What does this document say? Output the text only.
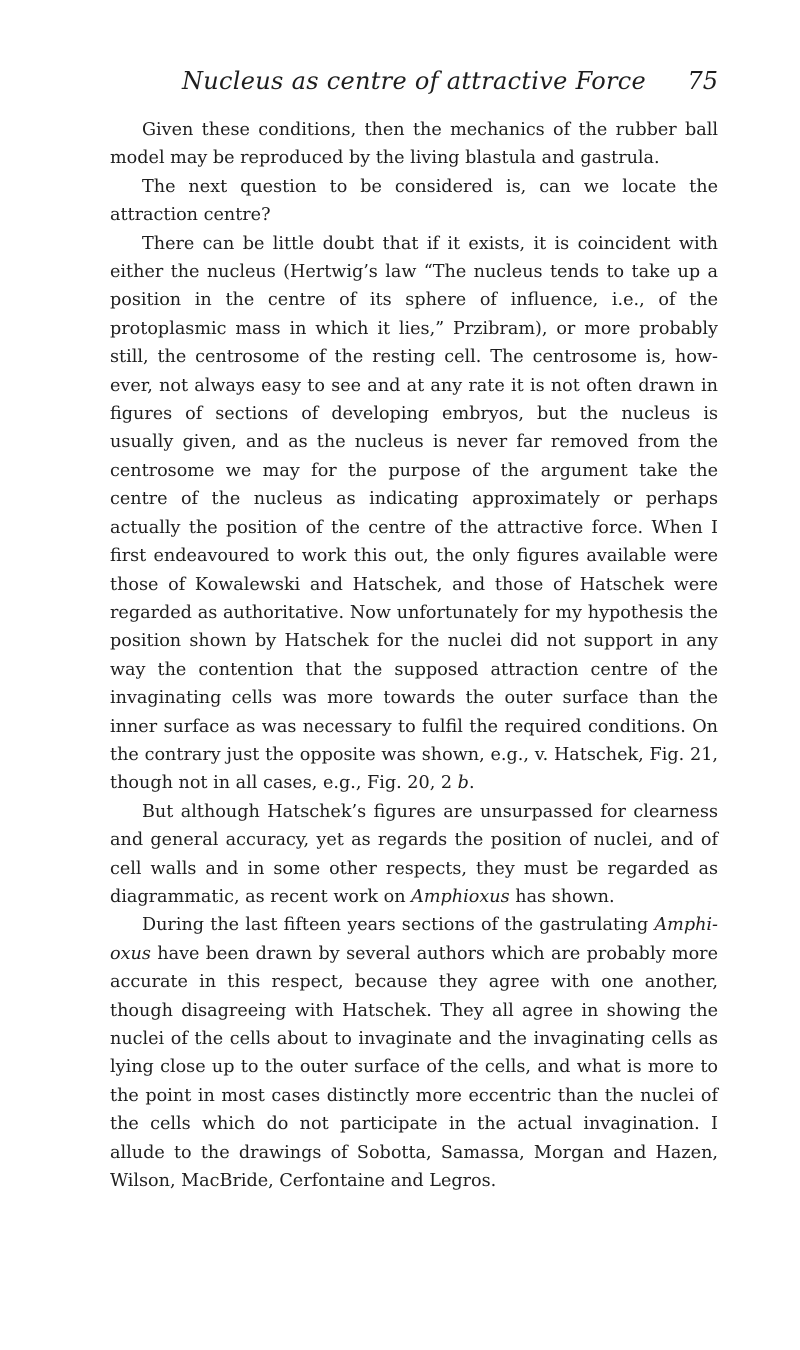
Nucleus as centre of attractive Force	75

Given these conditions, then the mechanics of the rubber ball model may be reproduced by the living blastula and gastrula.

The next question to be considered is, can we locate the attraction centre?

There can be little doubt that if it exists, it is coincident with either the nucleus (Hertwig’s law “The nucleus tends to take up a position in the centre of its sphere of influence, i.e., of the protoplasmic mass in which it lies,” Przibram), or more probably still, the centrosome of the resting cell. The centrosome is, however, not always easy to see and at any rate it is not often drawn in figures of sections of developing embryos, but the nucleus is usually given, and as the nucleus is never far removed from the centrosome we may for the purpose of the argument take the centre of the nucleus as indicating approximately or perhaps actually the position of the centre of the attractive force. When I first endeavoured to work this out, the only figures available were those of Kowalewski and Hatschek, and those of Hatschek were regarded as authoritative. Now unfortunately for my hypothesis the position shown by Hatschek for the nuclei did not support in any way the contention that the supposed attraction centre of the invaginating cells was more towards the outer surface than the inner surface as was necessary to fulfil the required conditions. On the contrary just the opposite was shown, e.g., v. Hatschek, Fig. 21, though not in all cases, e.g., Fig. 20, 2 b.

But although Hatschek’s figures are unsurpassed for clearness and general accuracy, yet as regards the position of nuclei, and of cell walls and in some other respects, they must be regarded as diagrammatic, as recent work on Amphioxus has shown.

During the last fifteen years sections of the gastrulating Amphioxus have been drawn by several authors which are probably more accurate in this respect, because they agree with one another, though disagreeing with Hatschek. They all agree in showing the nuclei of the cells about to invaginate and the invaginating cells as lying close up to the outer surface of the cells, and what is more to the point in most cases distinctly more eccentric than the nuclei of the cells which do not participate in the actual invagination. I allude to the drawings of Sobotta, Samassa, Morgan and Hazen, Wilson, MacBride, Cerfontaine and Legros.
